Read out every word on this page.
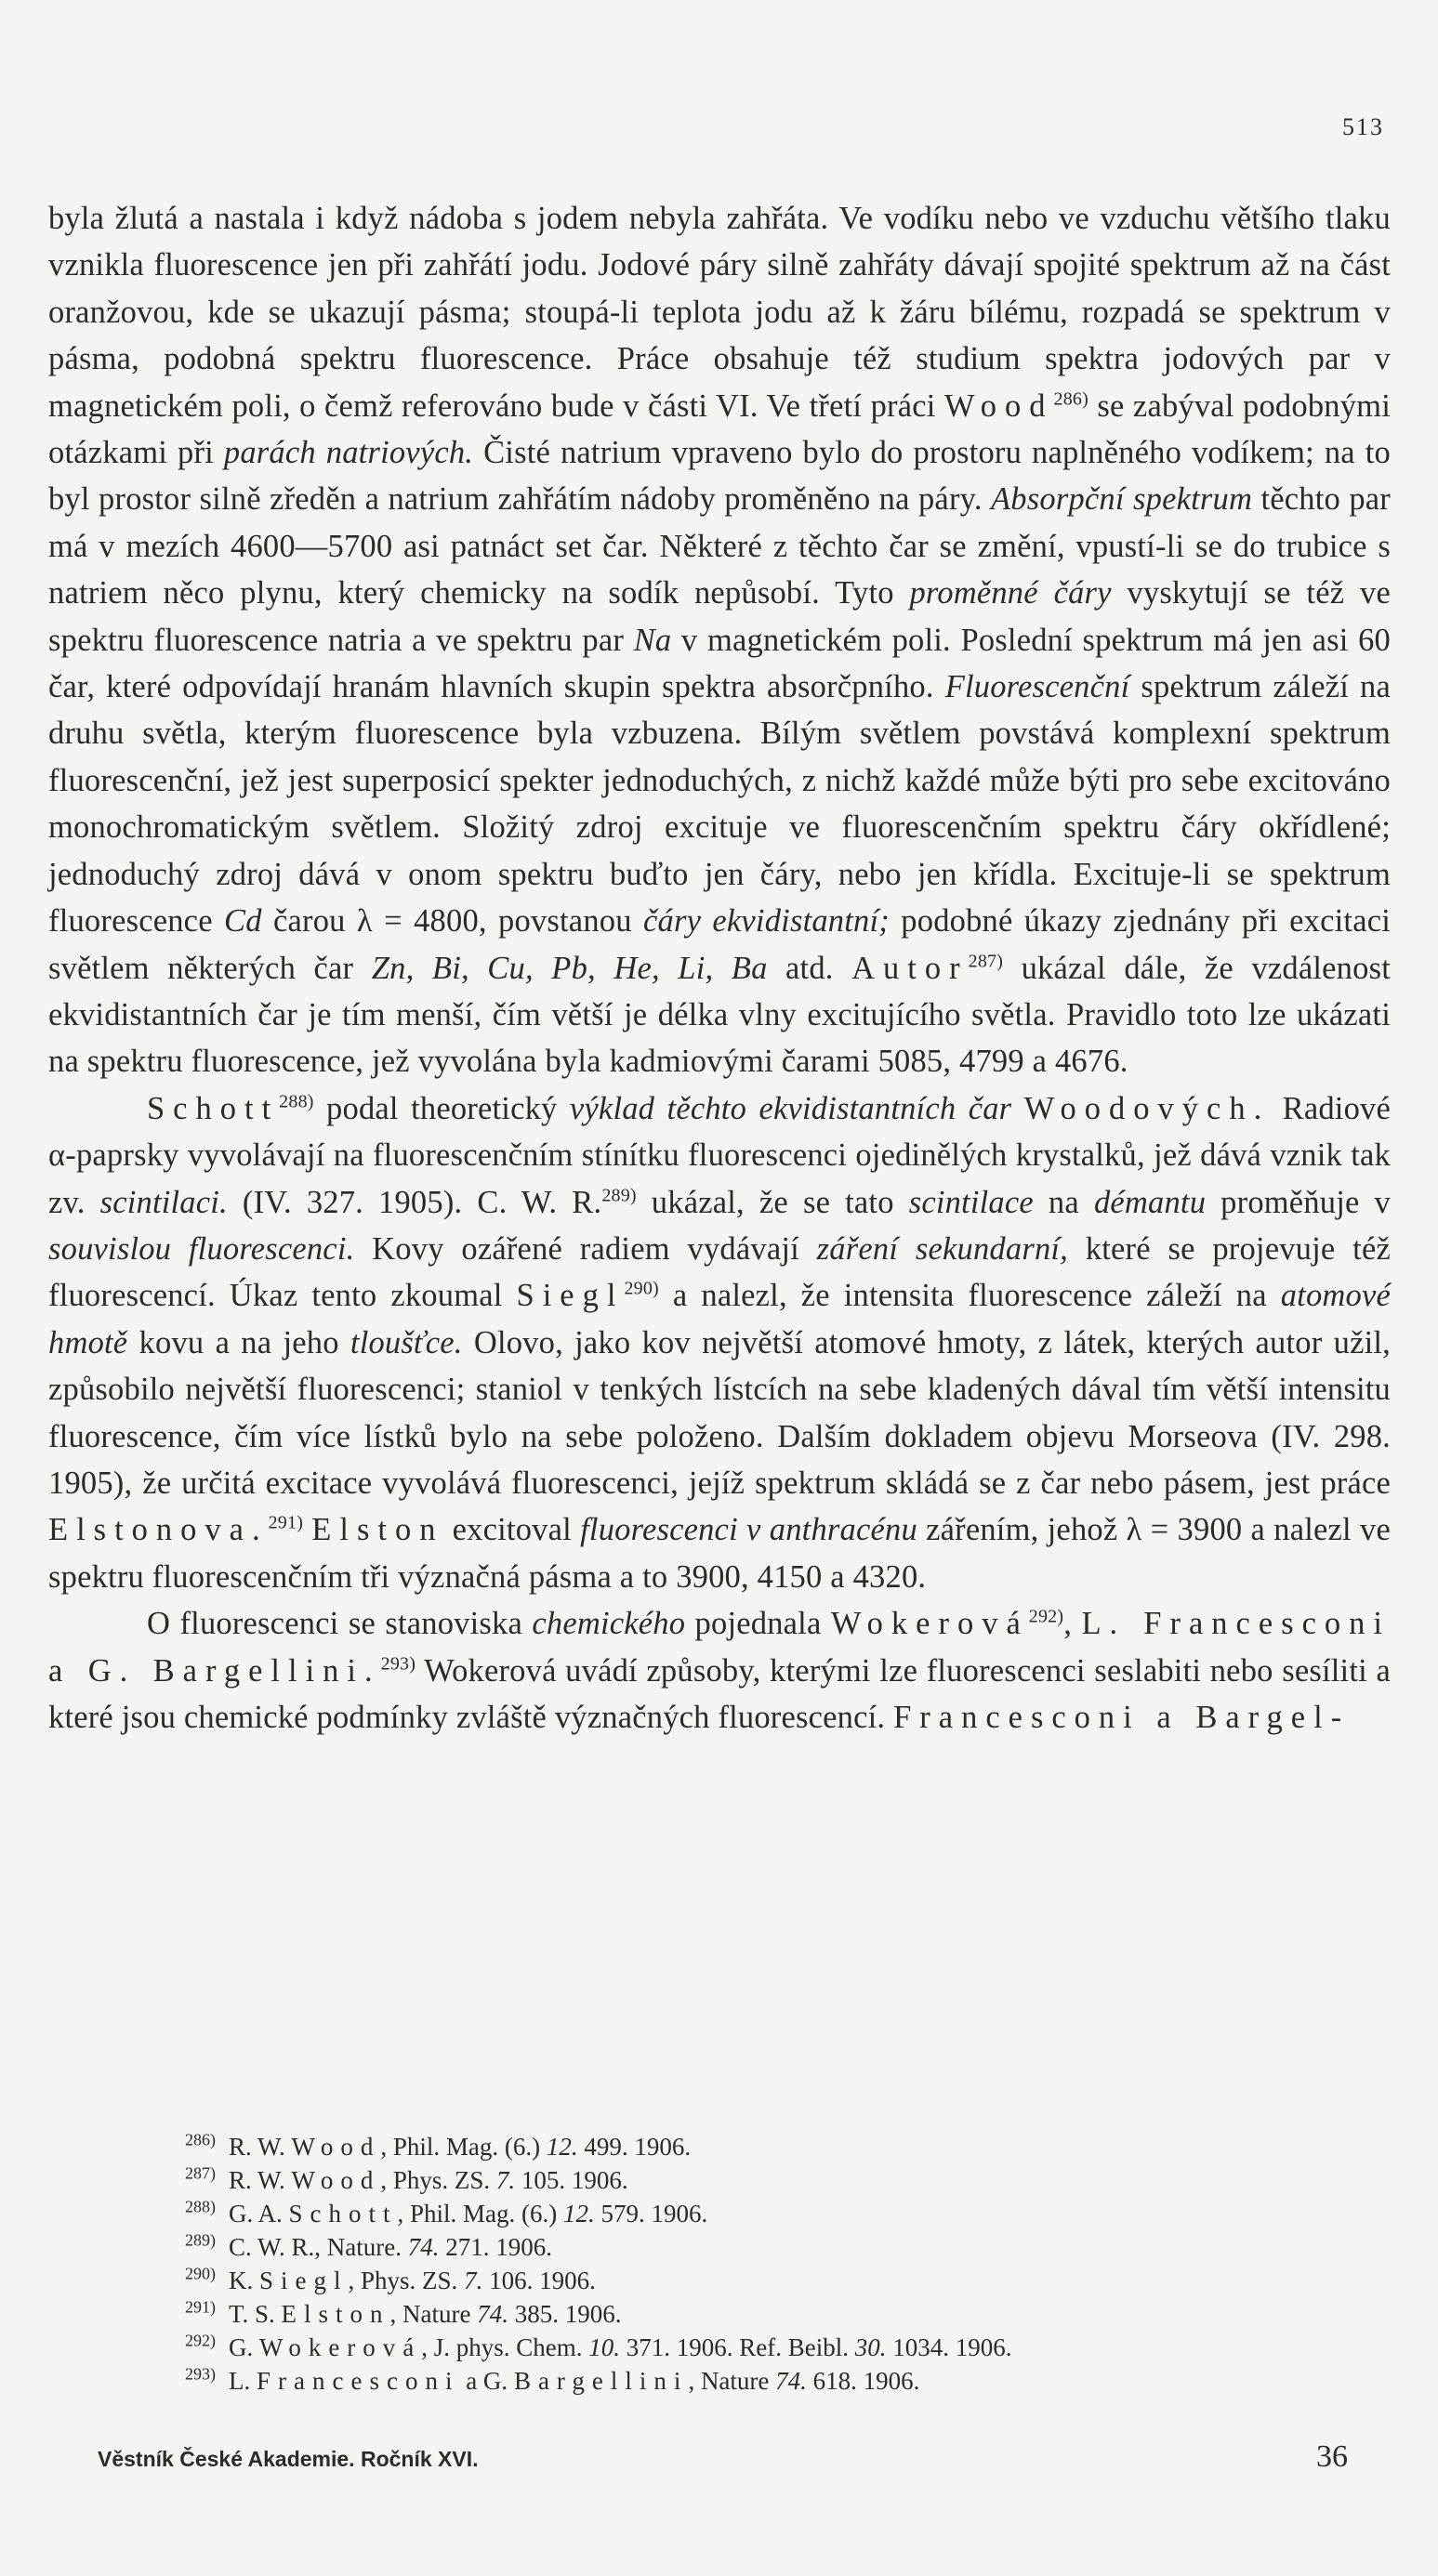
513

byla žlutá a nastala i když nádoba s jodem nebyla zahřáta. Ve vodíku nebo ve vzduchu většího tlaku vznikla fluorescence jen při zahřátí jodu. Jodové páry silně zahřáty dávají spojité spektrum až na část oranžovou, kde se ukazují pásma; stoupá-li teplota jodu až k žáru bílému, rozpadá se spektrum v pásma, podobná spektru fluorescence. Práce obsahuje též studium spektra jodových par v magnetickém poli, o čemž referováno bude v části VI. Ve třetí práci Wood$^{286)}$ se zabýval podobnými otázkami při parách natriových. Čisté natrium vpraveno bylo do prostoru naplněného vodíkem; na to byl prostor silně zředěn a natrium zahřátím nádoby proměněno na páry. Absorpční spektrum těchto par má v mezích 4600—5700 asi patnáct set čar. Některé z těchto čar se změní, vpustí-li se do trubice s natriem něco plynu, který chemicky na sodík nepůsobí. Tyto proměnné čáry vyskytují se též ve spektru fluorescence natria a ve spektru par Na v magnetickém poli. Poslední spektrum má jen asi 60 čar, které odpovídají hranám hlavních skupin spektra absorčpního. Fluorescenční spektrum záleží na druhu světla, kterým fluorescence byla vzbuzena. Bílým světlem povstává komplexní spektrum fluorescenční, jež jest superposicí spekter jednoduchých, z nichž každé může býti pro sebe excitováno monochromatickým světlem. Složitý zdroj excituje ve fluorescenčním spektru čáry okřídlené; jednoduchý zdroj dává v onom spektru buďto jen čáry, nebo jen křídla. Excituje-li se spektrum fluorescence Cd čarou λ = 4800, povstanou čáry ekvidistantní; podobné úkazy zjednány při excitaci světlem některých čar Zn, Bi, Cu, Pb, He, Li, Ba atd. Autor$^{287)}$ ukázal dále, že vzdálenost ekvidistantních čar je tím menší, čím větší je délka vlny excitujícího světla. Pravidlo toto lze ukázati na spektru fluorescence, jež vyvolána byla kadmiovými čarami 5085, 4799 a 4676.

Schott$^{288)}$ podal theoretický výklad těchto ekvidistantních čar Woodových. Radiové α-paprsky vyvolávají na fluorescenčním stínítku fluorescenci ojedinělých krystalků, jež dává vznik tak zv. scintilaci. (IV. 327. 1905). C. W. R.$^{289)}$ ukázal, že se tato scintilace na démantu proměňuje v souvislou fluorescenci. Kovy ozářené radiem vydávají záření sekundarní, které se projevuje též fluorescencí. Úkaz tento zkoumal Siegl$^{290)}$ a nalezl, že intensita fluorescence záleží na atomové hmotě kovu a na jeho tloušťce. Olovo, jako kov největší atomové hmoty, z látek, kterých autor užil, způsobilo největší fluorescenci; staniol v tenkých lístcích na sebe kladených dával tím větší intensitu fluorescence, čím více lístků bylo na sebe položeno. Dalším dokladem objevu Morseova (IV. 298. 1905), že určitá excitace vyvolává fluorescenci, jejíž spektrum skládá se z čar nebo pásem, jest práce Elstonova.$^{291)}$ Elston excitoval fluorescenci v anthracénu zářením, jehož λ = 3900 a nalezl ve spektru fluorescenčním tři význačná pásma a to 3900, 4150 a 4320.

O fluorescenci se stanoviska chemického pojednala Wokerová$^{292)}$, L. Francesconi a G. Bargellini.$^{293)}$ Wokerová uvádí způsoby, kterými lze fluorescenci seslabiti nebo sesíliti a které jsou chemické podmínky zvláště význačných fluorescencí. Francesconi a Bargel-

$^{286)}$ R. W. Wood, Phil. Mag. (6.) 12. 499. 1906.
$^{287)}$ R. W. Wood, Phys. ZS. 7. 105. 1906.
$^{288)}$ G. A. Schott, Phil. Mag. (6.) 12. 579. 1906.
$^{289)}$ C. W. R., Nature. 74. 271. 1906.
$^{290)}$ K. Siegl, Phys. ZS. 7. 106. 1906.
$^{291)}$ T. S. Elston, Nature 74. 385. 1906.
$^{292)}$ G. Wokerová, J. phys. Chem. 10. 371. 1906. Ref. Beibl. 30. 1034. 1906.
$^{293)}$ L. Francesconi a G. Bargellini, Nature 74. 618. 1906.
Věstník České Akademie. Ročník XVI.	36
